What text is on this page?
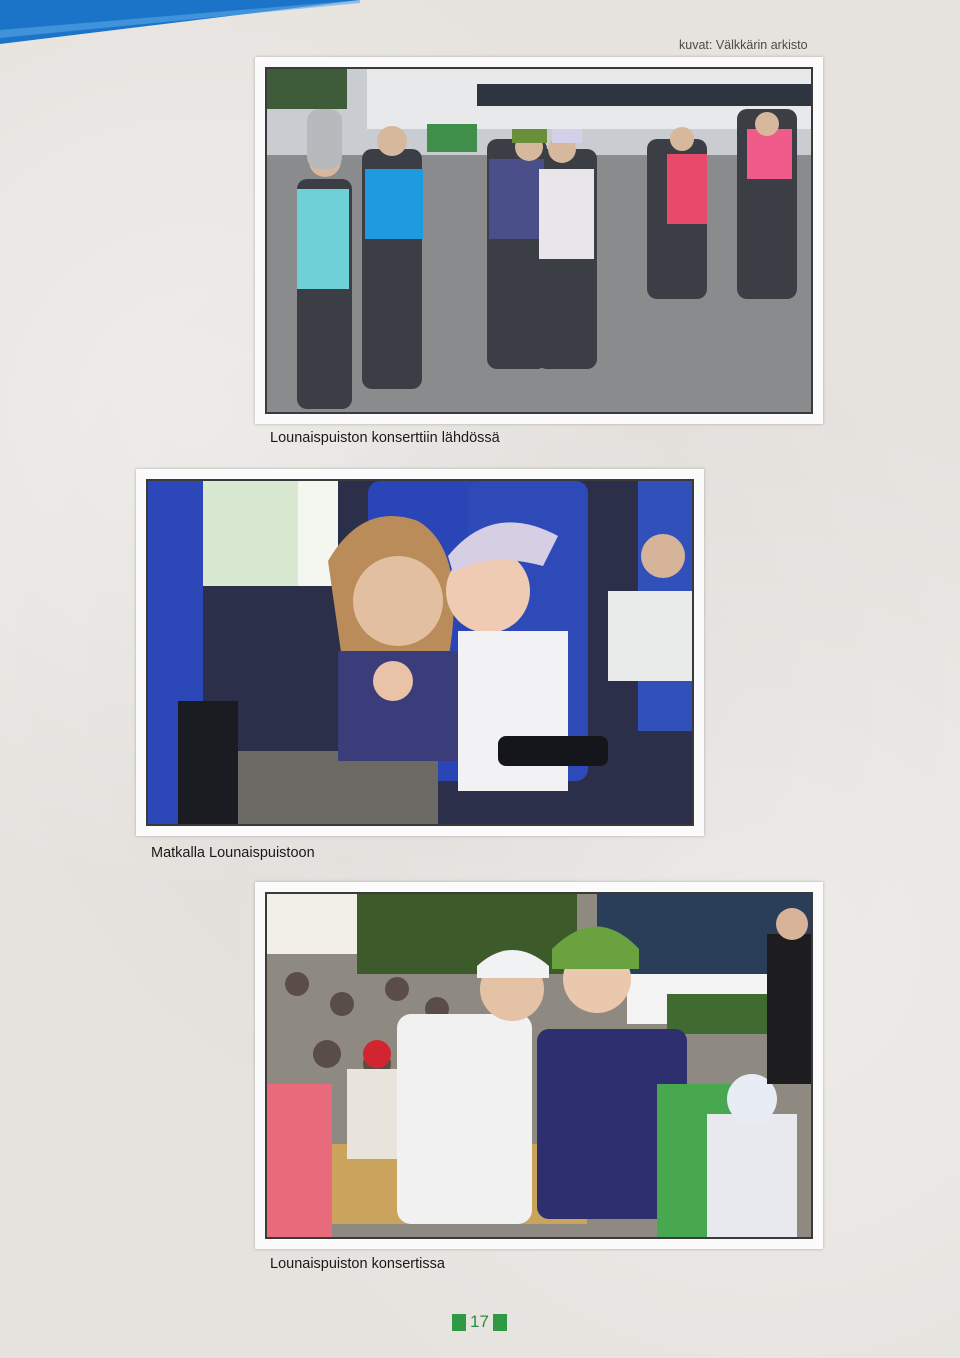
kuvat: Välkkärin arkisto
Lounaispuiston konserttiin lähdössä
Matkalla Lounaispuistoon
Lounaispuiston konsertissa
17
